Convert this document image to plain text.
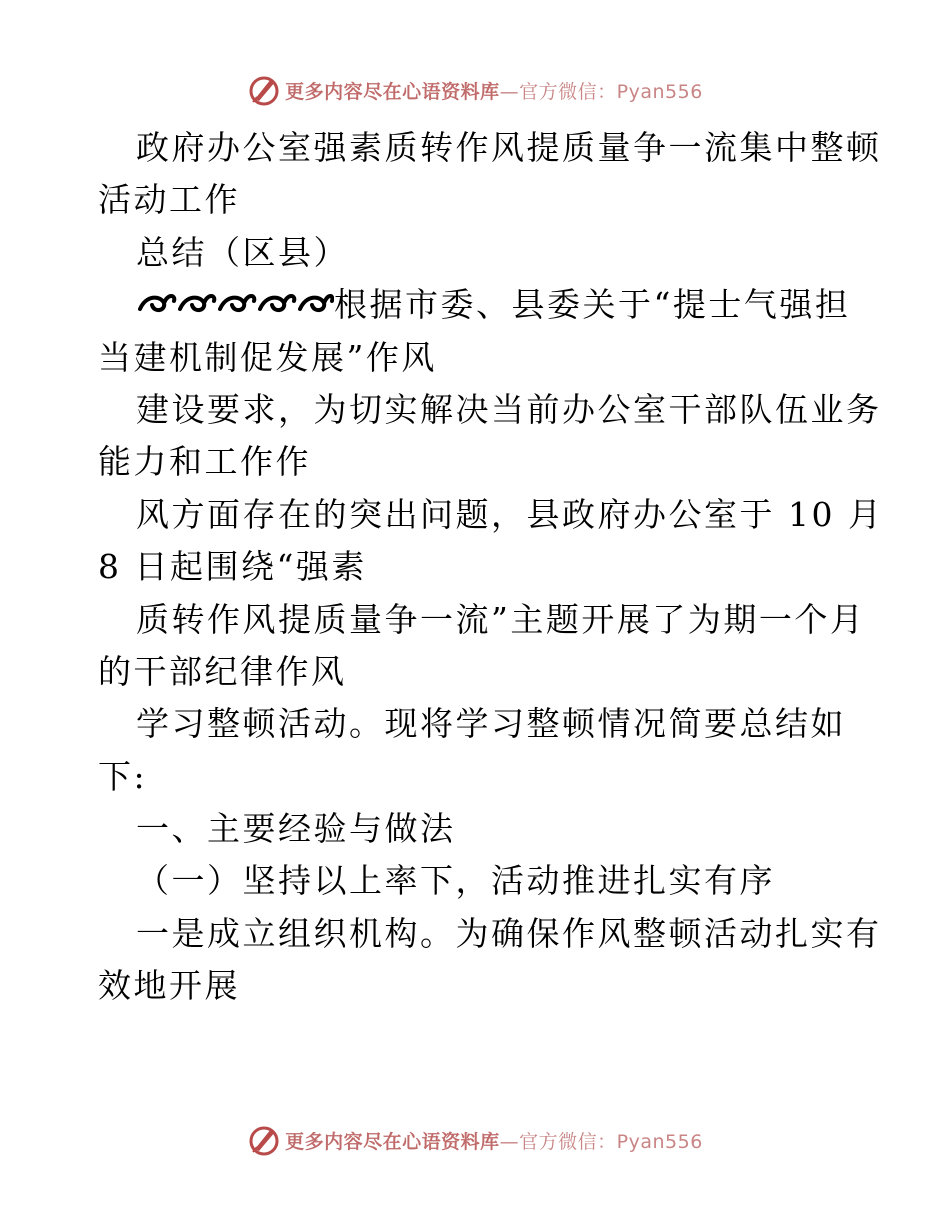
更多内容尽在心语资料库—官方微信：Pyan556
政府办公室强素质转作风提质量争一流集中整顿
活动工作
总结（区县）
根据市委、县委关于“提士气强担
当建机制促发展”作风
建设要求，为切实解决当前办公室干部队伍业务
能力和工作作
风方面存在的突出问题，县政府办公室于 10 月
8 日起围绕“强素
质转作风提质量争一流”主题开展了为期一个月
的干部纪律作风
学习整顿活动。现将学习整顿情况简要总结如
下:
一、主要经验与做法
（一）坚持以上率下，活动推进扎实有序
一是成立组织机构。为确保作风整顿活动扎实有
效地开展
更多内容尽在心语资料库—官方微信：Pyan556
